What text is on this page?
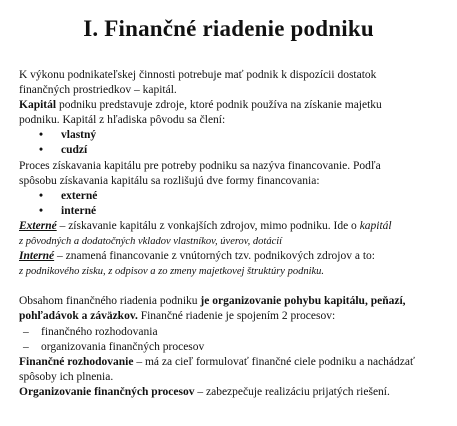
I. Finančné riadenie podniku
K výkonu podnikateľskej činnosti potrebuje mať podnik k dispozícii dostatok
finančných prostriedkov – kapitál.
Kapitál podniku predstavuje zdroje, ktoré podnik používa na získanie majetku
podniku. Kapitál z hľadiska pôvodu sa člení:
• vlastný
• cudzí
Proces získavania kapitálu pre potreby podniku sa nazýva financovanie. Podľa
spôsobu získavania kapitálu sa rozlišujú dve formy financovania:
• externé
• interné
Externé – získavanie kapitálu z vonkajších zdrojov, mimo podniku. Ide o kapitál
z pôvodných a dodatočných vkladov vlastníkov, úverov, dotácií
Interné – znamená financovanie z vnútorných tzv. podnikových zdrojov a to:
z podnikového zisku, z odpisov a zo zmeny majetkovej štruktúry podniku.
Obsahom finančného riadenia podniku je organizovanie pohybu kapitálu, peňazí,
pohľadávok a záväzkov. Finančné riadenie je spojením 2 procesov:
– finančného rozhodovania
– organizovania finančných procesov
Finančné rozhodovanie – má za cieľ formulovať finančné ciele podniku a nachádzať
spôsoby ich plnenia.
Organizovanie finančných procesov – zabezpečuje realizáciu prijatých riešení.
